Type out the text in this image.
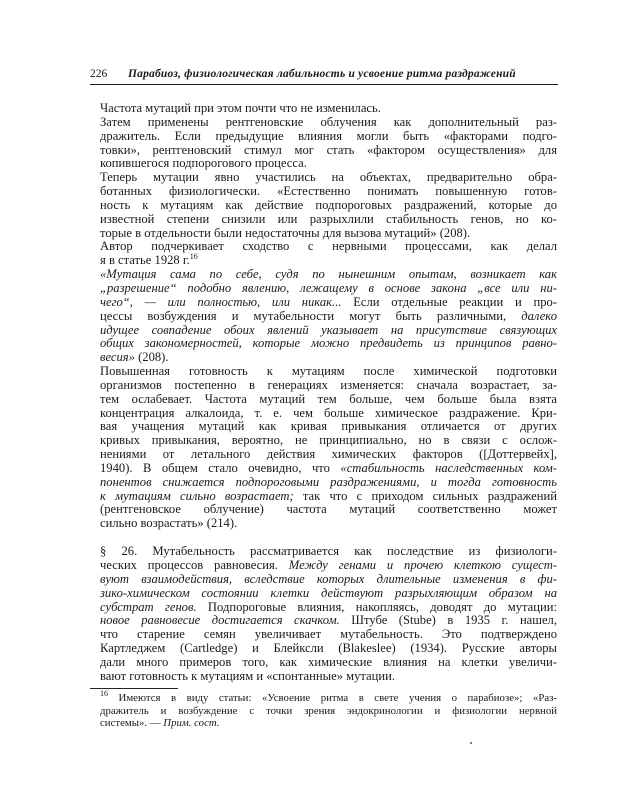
226 Парабиоз, физиологическая лабильность и усвоение ритма раздражений
Частота мутаций при этом почти что не изменилась.
Затем применены рентгеновские облучения как дополнительный раз-
дражитель. Если предыдущие влияния могли быть «факторами подго-
товки», рентгеновский стимул мог стать «фактором осуществления» для
копившегося подпорогового процесса.
Теперь мутации явно участились на объектах, предварительно обра-
ботанных физиологически. «Естественно понимать повышенную готов-
ность к мутациям как действие подпороговых раздражений, которые до
известной степени снизили или разрыхлили стабильность генов, но ко-
торые в отдельности были недостаточны для вызова мутаций» (208).
Автор подчеркивает сходство с нервными процессами, как делал
я в статье 1928 г.$^{16}$
«Мутация сама по себе, судя по нынешним опытам, возникает как
„разрешение“ подобно явлению, лежащему в основе закона „все или ни-
чего“, — или полностью, или никак... Если отдельные реакции и про-
цессы возбуждения и мутабельности могут быть различными, далеко
идущее совпадение обоих явлений указывает на присутствие связующих
общих закономерностей, которые можно предвидеть из принципов равно-
весия» (208).
Повышенная готовность к мутациям после химической подготовки
организмов постепенно в генерациях изменяется: сначала возрастает, за-
тем ослабевает. Частота мутаций тем больше, чем больше была взята
концентрация алкалоида, т. е. чем больше химическое раздражение. Кри-
вая учащения мутаций как кривая привыкания отличается от других
кривых привыкания, вероятно, не принципиально, но в связи с ослож-
нениями от летального действия химических факторов ([Доттервейх],
1940). В общем стало очевидно, что «стабильность наследственных ком-
понентов снижается подпороговыми раздражениями, и тогда готовность
к мутациям сильно возрастает; так что с приходом сильных раздражений
(рентгеновское облучение) частота мутаций соответственно может
сильно возрастать» (214).
§ 26. Мутабельность рассматривается как последствие из физиологи-
ческих процессов равновесия. Между генами и прочею клеткою сущест-
вуют взаимодействия, вследствие которых длительные изменения в фи-
зико-химическом состоянии клетки действуют разрыхляющим образом на
субстрат генов. Подпороговые влияния, накопляясь, доводят до мутации:
новое равновесие достигается скачком. Штубе (Stube) в 1935 г. нашел,
что старение семян увеличивает мутабельность. Это подтверждено
Картледжем (Cartledge) и Блейксли (Blakeslee) (1934). Русские авторы
дали много примеров того, как химические влияния на клетки увеличи-
вают готовность к мутациям и «спонтанные» мутации.
$^{16}$ Имеются в виду статьи: «Усвоение ритма в свете учения о парабиозе»; «Раз-
дражитель и возбуждение с точки зрения эндокринологии и физиологии нервной
системы». — Прим. сост.
